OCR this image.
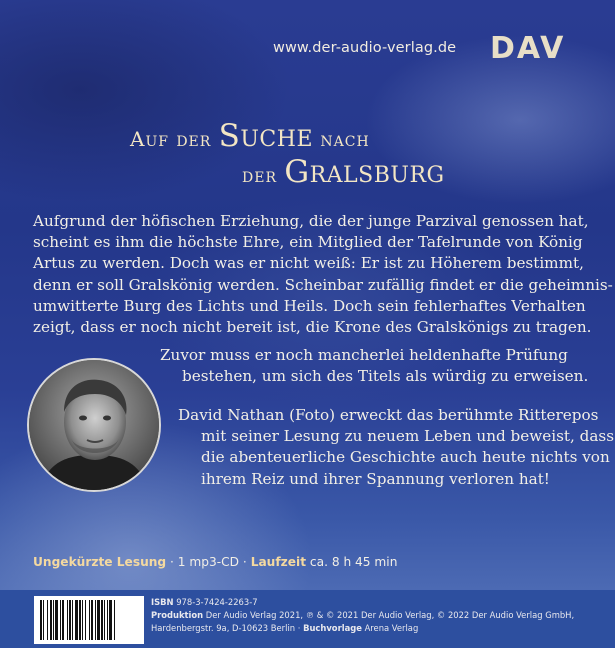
www.der-audio-verlag.de DAV
Auf der Suche nach
der Gralsburg
Aufgrund der höfischen Erziehung, die der junge Parzival genossen hat,
scheint es ihm die höchste Ehre, ein Mitglied der Tafelrunde von König
Artus zu werden. Doch was er nicht weiß: Er ist zu Höherem bestimmt,
denn er soll Gralskönig werden. Scheinbar zufällig findet er die geheimnis-
umwitterte Burg des Lichts und Heils. Doch sein fehlerhaftes Verhalten
zeigt, dass er noch nicht bereit ist, die Krone des Gralskönigs zu tragen.
Zuvor muss er noch mancherlei heldenhafte Prüfung
bestehen, um sich des Titels als würdig zu erweisen.
David Nathan (Foto) erweckt das berühmte Ritterepos
mit seiner Lesung zu neuem Leben und beweist, dass
die abenteuerliche Geschichte auch heute nichts von
ihrem Reiz und ihrer Spannung verloren hat!
Ungekürzte Lesung · 1 mp3-CD · Laufzeit ca. 8 h 45 min
ISBN 978-3-7424-2263-7
Produktion Der Audio Verlag 2021, ℗ & © 2021 Der Audio Verlag, © 2022 Der Audio Verlag GmbH,
Hardenbergstr. 9a, D-10623 Berlin · Buchvorlage Arena Verlag
